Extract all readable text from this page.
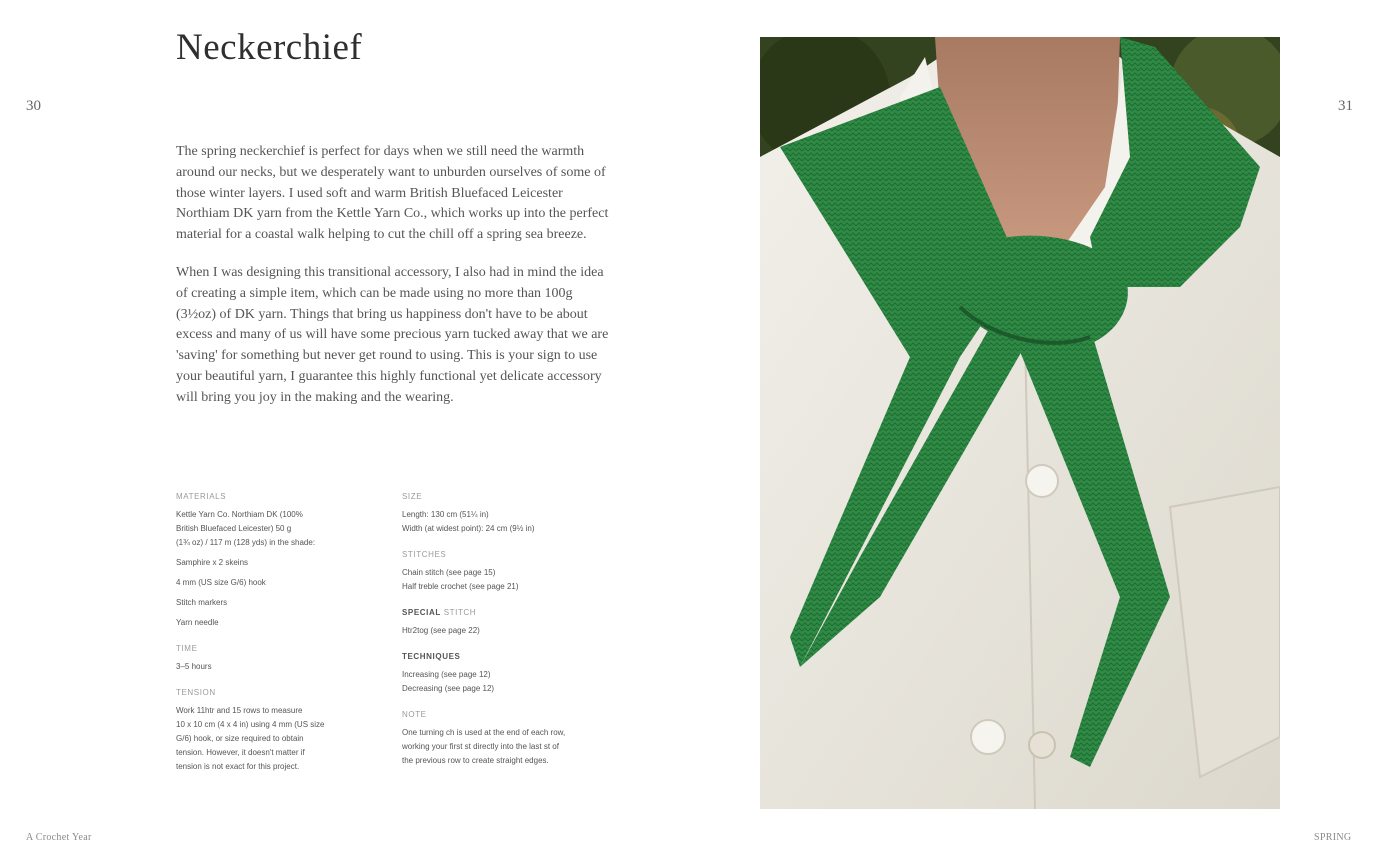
30	31
Neckerchief

The spring neckerchief is perfect for days when we still need the warmth around our necks, but we desperately want to unburden ourselves of some of those winter layers. I used soft and warm British Bluefaced Leicester Northiam DK yarn from the Kettle Yarn Co., which works up into the perfect material for a coastal walk helping to cut the chill off a spring sea breeze.

When I was designing this transitional accessory, I also had in mind the idea of creating a simple item, which can be made using no more than 100g (3½oz) of DK yarn. Things that bring us happiness don't have to be about excess and many of us will have some precious yarn tucked away that we are 'saving' for something but never get round to using. This is your sign to use your beautiful yarn, I guarantee this highly functional yet delicate accessory will bring you joy in the making and the wearing.

MATERIALS
Kettle Yarn Co. Northiam DK (100%
British Bluefaced Leicester) 50 g
(1¾ oz) / 117 m (128 yds) in the shade:
Samphire x 2 skeins
4 mm (US size G/6) hook
Stitch markers
Yarn needle
TIME
3–5 hours
TENSION
Work 11htr and 15 rows to measure
10 x 10 cm (4 x 4 in) using 4 mm (US size
G/6) hook, or size required to obtain
tension. However, it doesn't matter if
tension is not exact for this project.
SIZE
Length: 130 cm (51¼ in)
Width (at widest point): 24 cm (9½ in)
STITCHES
Chain stitch (see page 15)
Half treble crochet (see page 21)
SPECIAL STITCH
Htr2tog (see page 22)
TECHNIQUES
Increasing (see page 12)
Decreasing (see page 12)
NOTE
One turning ch is used at the end of each row,
working your first st directly into the last st of
the previous row to create straight edges.
A Crochet Year	SPRING
